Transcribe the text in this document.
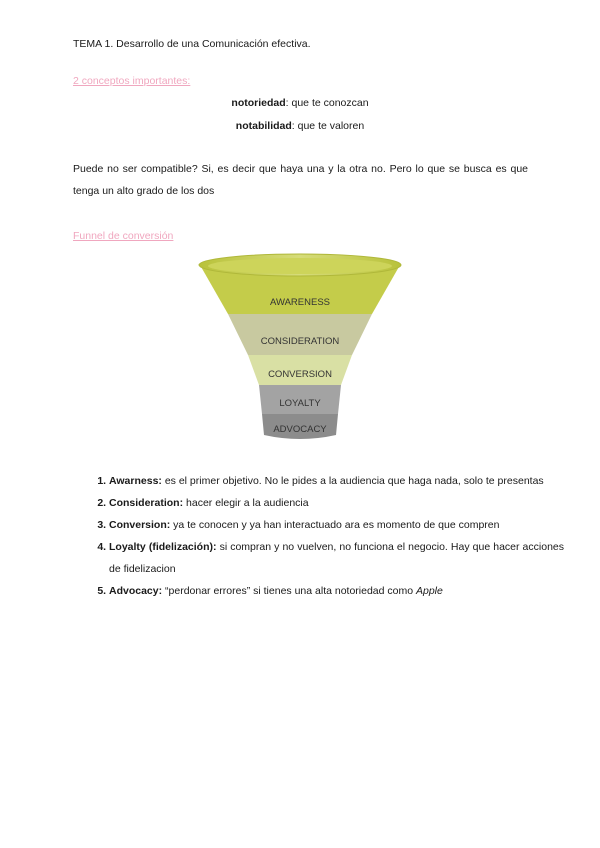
TEMA 1. Desarrollo de una Comunicación efectiva.
2 conceptos importantes:
notoriedad: que te conozcan
notabilidad: que te valoren
Puede no ser compatible? Si, es decir que haya una y la otra no. Pero lo que se busca es que tenga un alto grado de los dos
Funnel de conversión
AWARENESS
CONSIDERATION
CONVERSION
LOYALTY
ADVOCACY
1. Awarness: es el primer objetivo. No le pides a la audiencia que haga nada, solo te presentas
2. Consideration: hacer elegir a la audiencia
3. Conversion: ya te conocen y ya han interactuado ara es momento de que compren
4. Loyalty (fidelización): si compran y no vuelven, no funciona el negocio. Hay que hacer acciones de fidelizacion
5. Advocacy: “perdonar errores” si tienes una alta notoriedad como Apple
